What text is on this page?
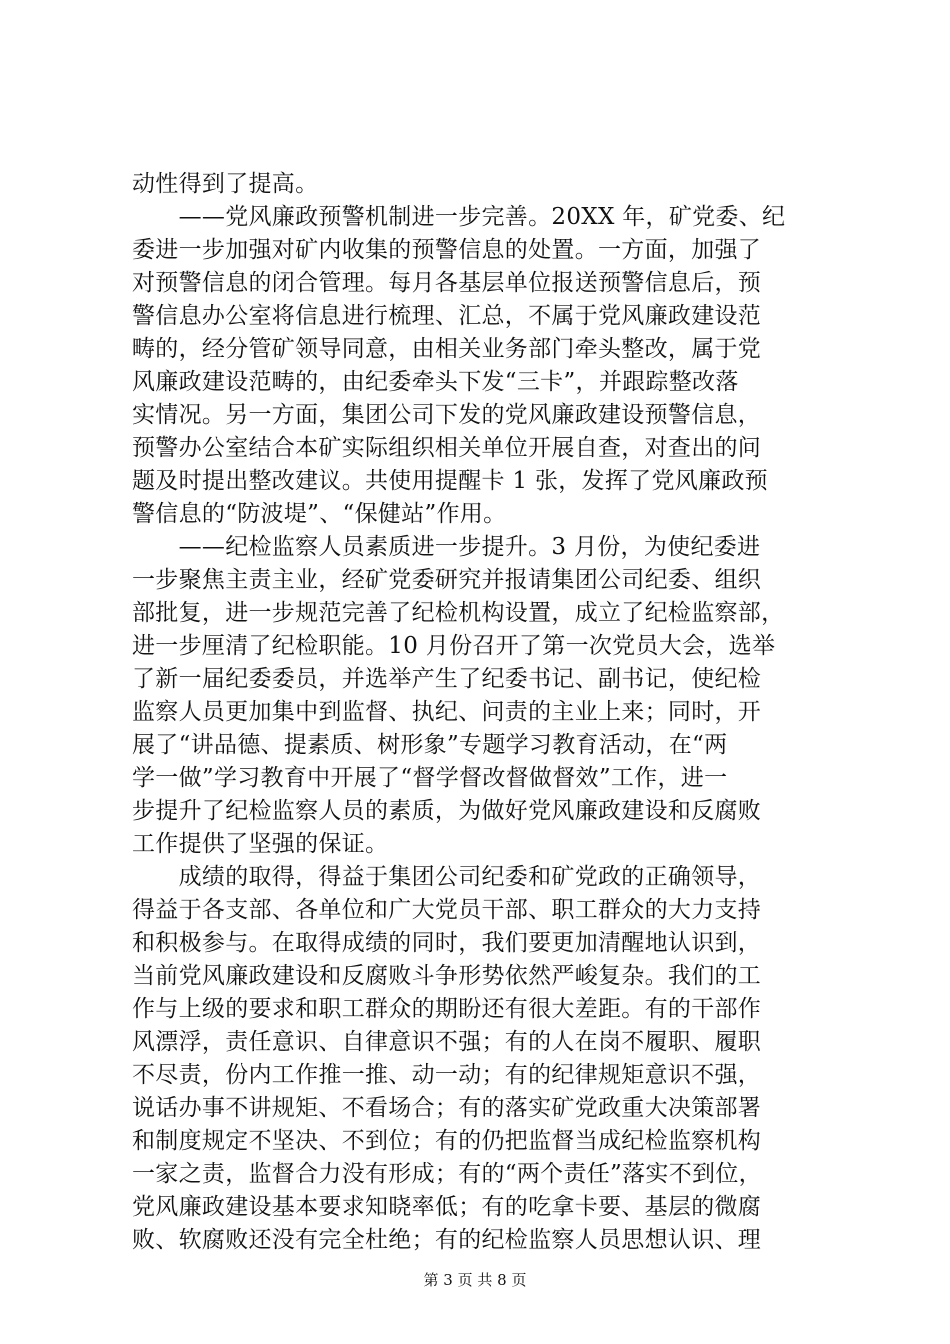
动性得到了提高。
　　——党风廉政预警机制进一步完善。20XX 年，矿党委、纪
委进一步加强对矿内收集的预警信息的处置。一方面，加强了
对预警信息的闭合管理。每月各基层单位报送预警信息后，预
警信息办公室将信息进行梳理、汇总，不属于党风廉政建设范
畴的，经分管矿领导同意，由相关业务部门牵头整改，属于党
风廉政建设范畴的，由纪委牵头下发“三卡”，并跟踪整改落
实情况。另一方面，集团公司下发的党风廉政建设预警信息，
预警办公室结合本矿实际组织相关单位开展自查，对查出的问
题及时提出整改建议。共使用提醒卡 1 张，发挥了党风廉政预
警信息的“防波堤”、“保健站”作用。
　　——纪检监察人员素质进一步提升。3 月份，为使纪委进
一步聚焦主责主业，经矿党委研究并报请集团公司纪委、组织
部批复，进一步规范完善了纪检机构设置，成立了纪检监察部，
进一步厘清了纪检职能。10 月份召开了第一次党员大会，选举
了新一届纪委委员，并选举产生了纪委书记、副书记，使纪检
监察人员更加集中到监督、执纪、问责的主业上来；同时，开
展了“讲品德、提素质、树形象”专题学习教育活动，在“两
学一做”学习教育中开展了“督学督改督做督效”工作，进一
步提升了纪检监察人员的素质，为做好党风廉政建设和反腐败
工作提供了坚强的保证。
　　成绩的取得，得益于集团公司纪委和矿党政的正确领导，
得益于各支部、各单位和广大党员干部、职工群众的大力支持
和积极参与。在取得成绩的同时，我们要更加清醒地认识到，
当前党风廉政建设和反腐败斗争形势依然严峻复杂。我们的工
作与上级的要求和职工群众的期盼还有很大差距。有的干部作
风漂浮，责任意识、自律意识不强；有的人在岗不履职、履职
不尽责，份内工作推一推、动一动；有的纪律规矩意识不强，
说话办事不讲规矩、不看场合；有的落实矿党政重大决策部署
和制度规定不坚决、不到位；有的仍把监督当成纪检监察机构
一家之责，监督合力没有形成；有的“两个责任”落实不到位，
党风廉政建设基本要求知晓率低；有的吃拿卡要、基层的微腐
败、软腐败还没有完全杜绝；有的纪检监察人员思想认识、理
第 3 页 共 8 页
